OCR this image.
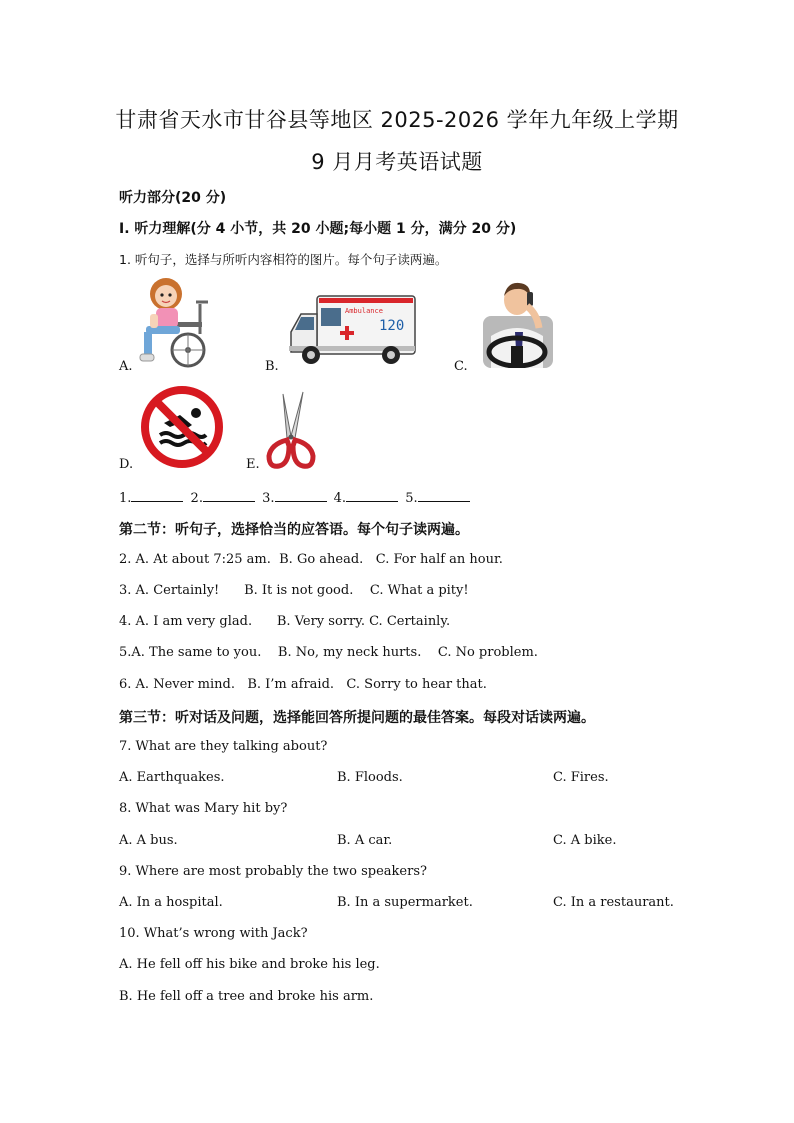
甘肃省天水市甘谷县等地区 2025-2026 学年九年级上学期
9 月月考英语试题
听力部分(20 分)
Ⅰ. 听力理解(分 4 小节，共 20 小题;每小题 1 分，满分 20 分)
1. 听句子，选择与所听内容相符的图片。每个句子读两遍。
A.	B.
Ambulance
120
C.
D.	E.
1.	2.	3.	4.	5.
第二节：听句子，选择恰当的应答语。每个句子读两遍。
2. A. At about 7:25 am.  B. Go ahead.   C. For half an hour.
3. A. Certainly!      B. It is not good.    C. What a pity!
4. A. I am very glad.      B. Very sorry. C. Certainly.
5.A. The same to you.    B. No, my neck hurts.    C. No problem.
6. A. Never mind.   B. I’m afraid.   C. Sorry to hear that.
第三节：听对话及问题，选择能回答所提问题的最佳答案。每段对话读两遍。
7. What are they talking about?
A. Earthquakes.	B. Floods.	C. Fires.
8. What was Mary hit by?
A. A bus.	B. A car.	C. A bike.
9. Where are most probably the two speakers?
A. In a hospital.	B. In a supermarket.	C. In a restaurant.
10. What’s wrong with Jack?
A. He fell off his bike and broke his leg.
B. He fell off a tree and broke his arm.
